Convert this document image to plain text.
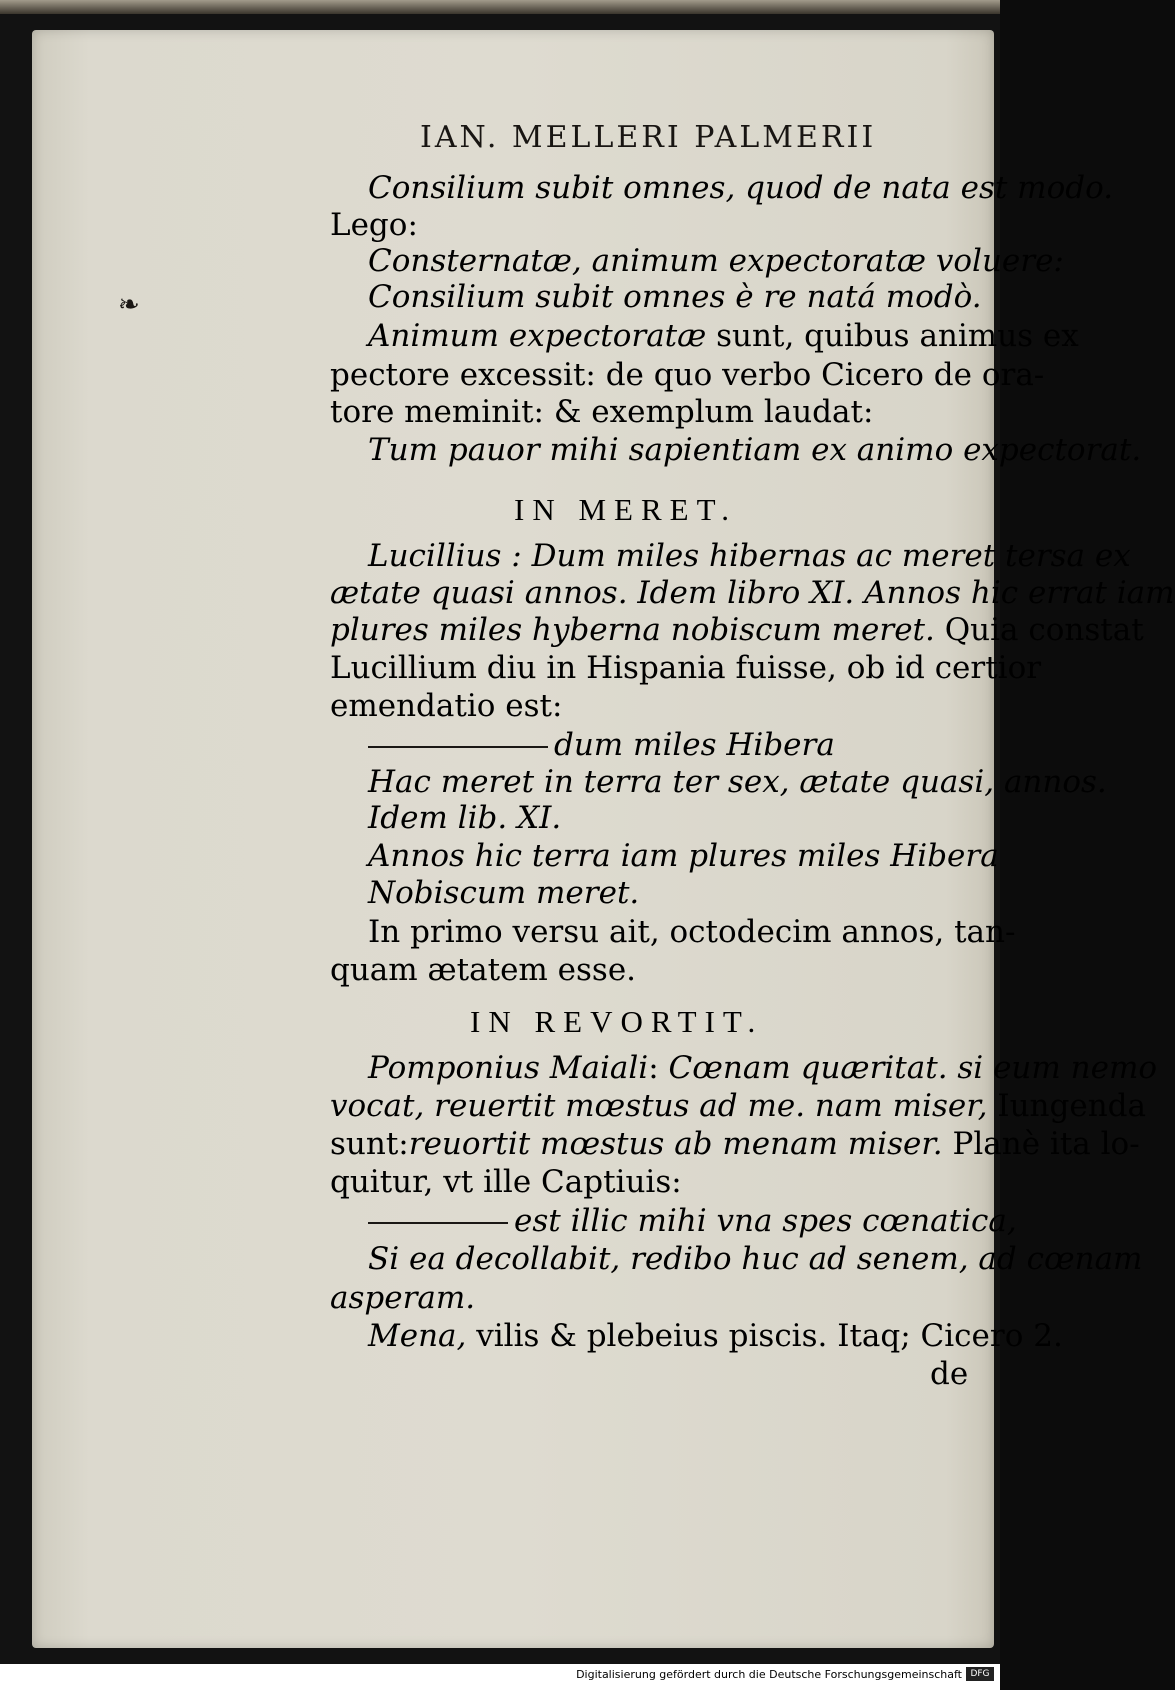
IAN. MELLERI PALMERII
❧
Consilium subit omnes, quod de nata est modo.
Lego:
Consternatæ, animum expectoratæ voluere:
Consilium subit omnes è re natá modò.
Animum expectoratæ sunt, quibus animus ex
pectore excessit: de quo verbo Cicero de ora-
tore meminit: & exemplum laudat:
Tum pauor mihi sapientiam ex animo expectorat.
IN MERET.
Lucillius : Dum miles hibernas ac meret tersa ex
ætate quasi annos. Idem libro XI. Annos hic errat iam
plures miles hyberna nobiscum meret. Quia constat
Lucillium diu in Hispania fuisse, ob id certior
emendatio est:
dum miles Hibera
Hac meret in terra ter sex, ætate quasi, annos.
Idem lib. XI.
Annos hic terra iam plures miles Hibera
Nobiscum meret.
In primo versu ait, octodecim annos, tan-
quam ætatem esse.
IN REVORTIT.
Pomponius Maiali: Cœnam quæritat. si eum nemo
vocat, reuertit mœstus ad me. nam miser, Iungenda
sunt:reuortit mœstus ab menam miser. Planè ita lo-
quitur, vt ille Captiuis:
est illic mihi vna spes cœnatica,
Si ea decollabit, redibo huc ad senem, ad cœnam
asperam.
Mena, vilis & plebeius piscis. Itaq; Cicero 2.
de
Digitalisierung gefördert durch die Deutsche Forschungsgemeinschaft DFG
